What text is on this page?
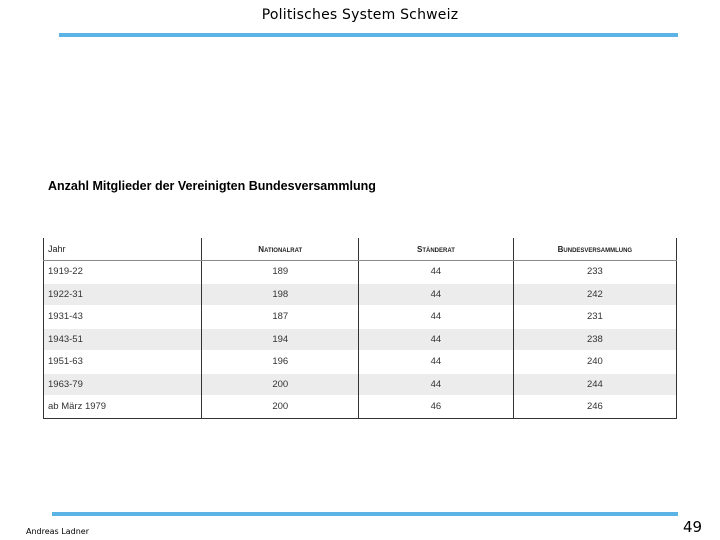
Politisches System Schweiz
Anzahl Mitglieder der Vereinigten Bundesversammlung
Jahr	Nationalrat	Ständerat	Bundesversammlung
1919-22	189	44	233
1922-31	198	44	242
1931-43	187	44	231
1943-51	194	44	238
1951-63	196	44	240
1963-79	200	44	244
ab März 1979	200	46	246
Andreas Ladner	49
